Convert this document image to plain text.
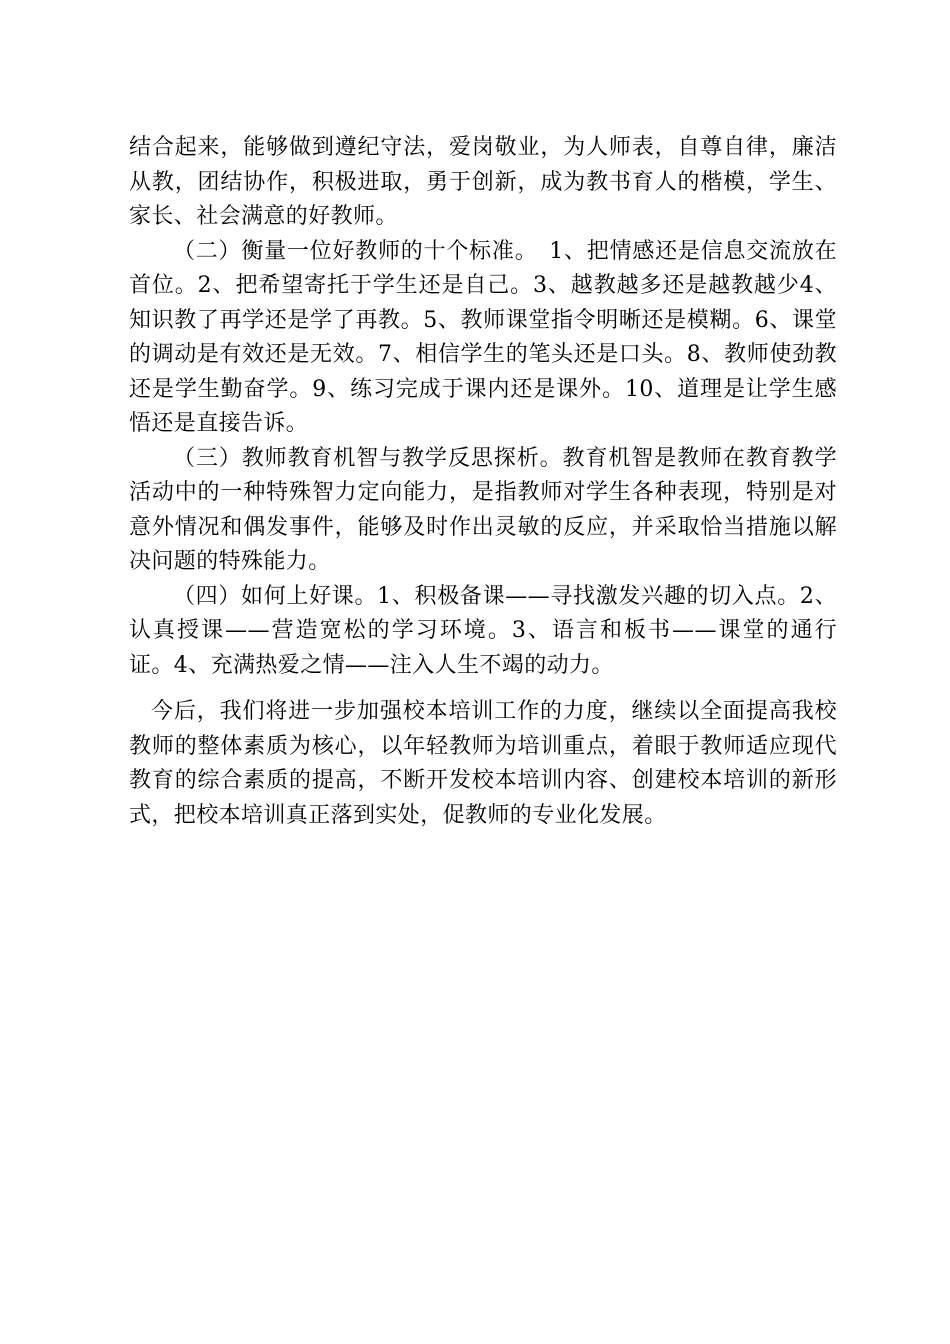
结合起来，能够做到遵纪守法，爱岗敬业，为人师表，自尊自律，廉洁从教，团结协作，积极进取，勇于创新，成为教书育人的楷模，学生、家长、社会满意的好教师。

（二）衡量一位好教师的十个标准。　1、把情感还是信息交流放在首位。2、把希望寄托于学生还是自己。3、越教越多还是越教越少4、知识教了再学还是学了再教。5、教师课堂指令明晰还是模糊。6、课堂的调动是有效还是无效。7、相信学生的笔头还是口头。8、教师使劲教还是学生勤奋学。9、练习完成于课内还是课外。10、道理是让学生感悟还是直接告诉。

（三）教师教育机智与教学反思探析。教育机智是教师在教育教学活动中的一种特殊智力定向能力，是指教师对学生各种表现，特别是对意外情况和偶发事件，能够及时作出灵敏的反应，并采取恰当措施以解决问题的特殊能力。

（四）如何上好课。1、积极备课——寻找激发兴趣的切入点。2、认真授课——营造宽松的学习环境。3、语言和板书——课堂的通行证。4、充满热爱之情——注入人生不竭的动力。

今后，我们将进一步加强校本培训工作的力度，继续以全面提高我校教师的整体素质为核心，以年轻教师为培训重点，着眼于教师适应现代教育的综合素质的提高，不断开发校本培训内容、创建校本培训的新形式，把校本培训真正落到实处，促教师的专业化发展。
